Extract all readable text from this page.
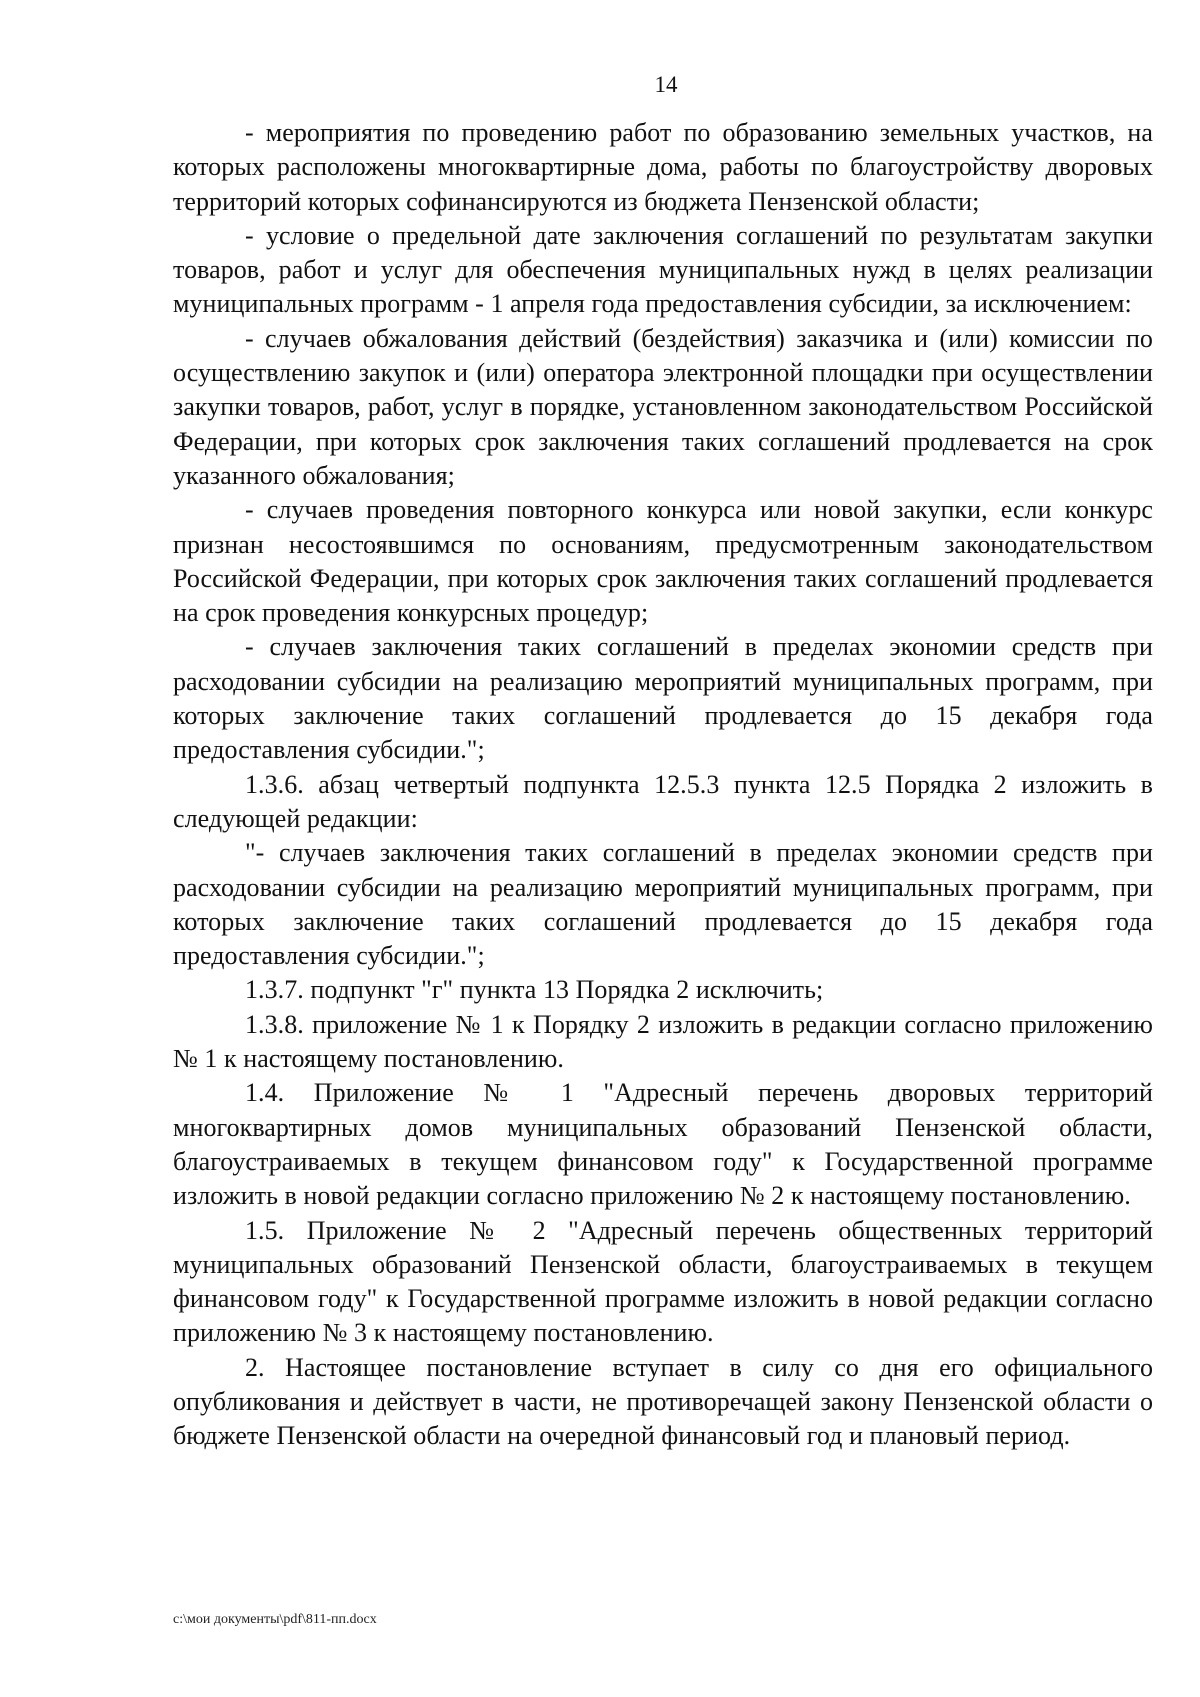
14

- мероприятия по проведению работ по образованию земельных участков, на которых расположены многоквартирные дома, работы по благоустройству дворовых территорий которых софинансируются из бюджета Пензенской области;

- условие о предельной дате заключения соглашений по результатам закупки товаров, работ и услуг для обеспечения муниципальных нужд в целях реализации муниципальных программ - 1 апреля года предоставления субсидии, за исключением:

- случаев обжалования действий (бездействия) заказчика и (или) комиссии по осуществлению закупок и (или) оператора электронной площадки при осуществлении закупки товаров, работ, услуг в порядке, установленном законодательством Российской Федерации, при которых срок заключения таких соглашений продлевается на срок указанного обжалования;

- случаев проведения повторного конкурса или новой закупки, если конкурс признан несостоявшимся по основаниям, предусмотренным законодательством Российской Федерации, при которых срок заключения таких соглашений продлевается на срок проведения конкурсных процедур;

- случаев заключения таких соглашений в пределах экономии средств при расходовании субсидии на реализацию мероприятий муниципальных программ, при которых заключение таких соглашений продлевается до 15 декабря года предоставления субсидии.";

1.3.6. абзац четвертый подпункта 12.5.3 пункта 12.5 Порядка 2 изложить в следующей редакции:

"- случаев заключения таких соглашений в пределах экономии средств при расходовании субсидии на реализацию мероприятий муниципальных программ, при которых заключение таких соглашений продлевается до 15 декабря года предоставления субсидии.";

1.3.7. подпункт "г" пункта 13 Порядка 2 исключить;

1.3.8. приложение № 1 к Порядку 2 изложить в редакции согласно приложению № 1 к настоящему постановлению.

1.4. Приложение № 1 "Адресный перечень дворовых территорий многоквартирных домов муниципальных образований Пензенской области, благоустраиваемых в текущем финансовом году" к Государственной программе изложить в новой редакции согласно приложению № 2 к настоящему постановлению.

1.5. Приложение № 2 "Адресный перечень общественных территорий муниципальных образований Пензенской области, благоустраиваемых в текущем финансовом году" к Государственной программе изложить в новой редакции согласно приложению № 3 к настоящему постановлению.

2. Настоящее постановление вступает в силу со дня его официального опубликования и действует в части, не противоречащей закону Пензенской области о бюджете Пензенской области на очередной финансовый год и плановый период.

c:\мои документы\pdf\811-пп.docx
